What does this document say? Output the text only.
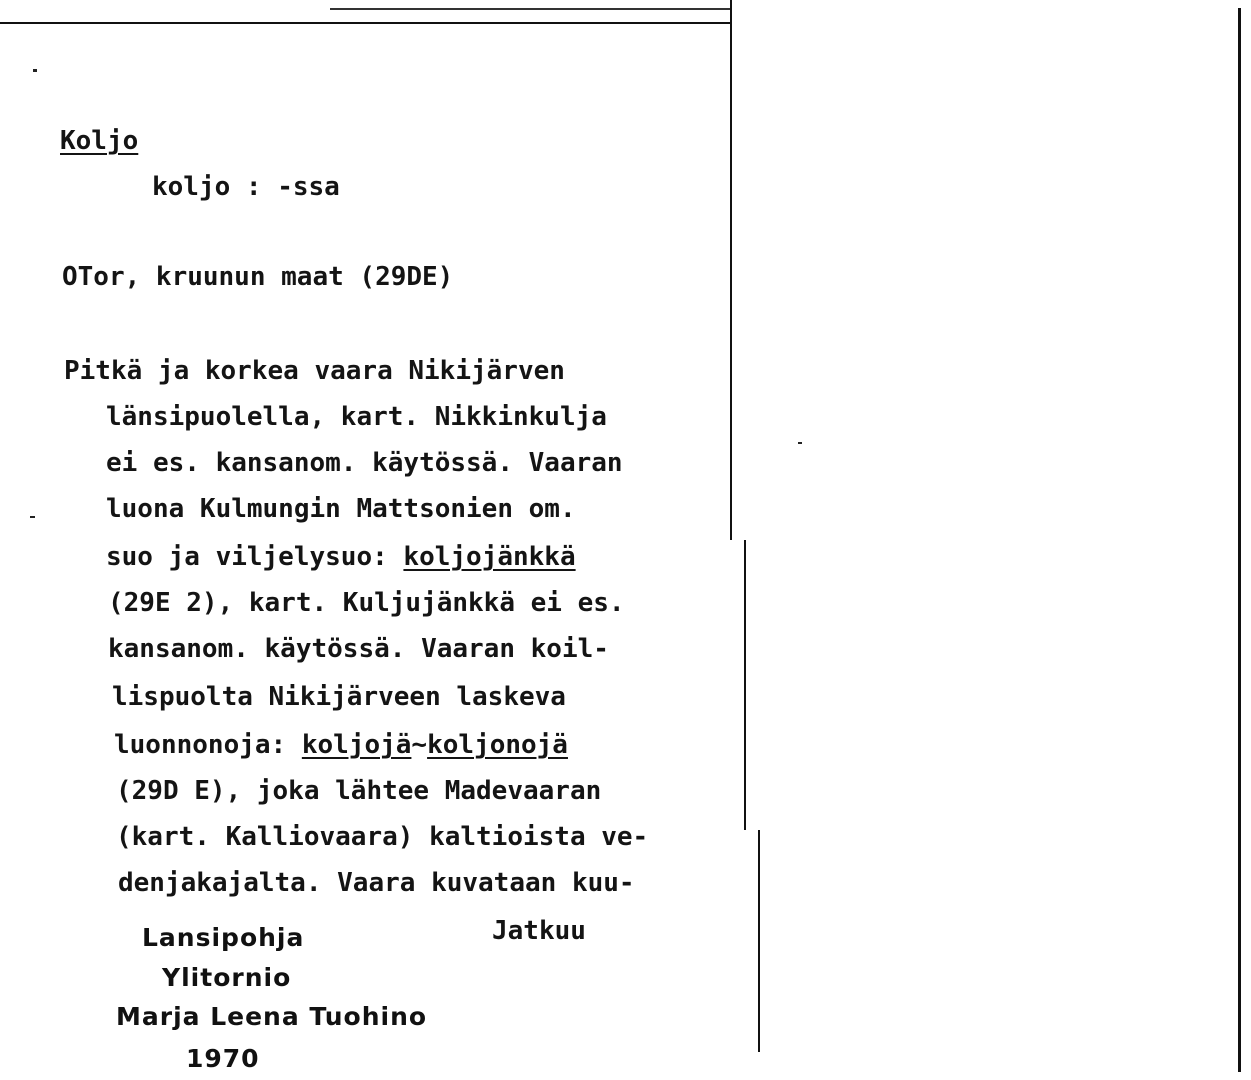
Koljo
koljo : -ssa
OTor, kruunun maat (29DE)
Pitkä ja korkea vaara Nikijärven
länsipuolella, kart. Nikkinkulja
ei es. kansanom. käytössä. Vaaran
luona Kulmungin Mattsonien om.
suo ja viljelysuo: koljojänkkä
(29E 2), kart. Kuljujänkkä ei es.
kansanom. käytössä. Vaaran koil-
lispuolta Nikijärveen laskeva
luonnonoja: koljojä~koljonojä
(29D E), joka lähtee Madevaaran
(kart. Kalliovaara) kaltioista ve-
denjakajalta. Vaara kuvataan kuu-
Jatkuu
Lansipohja
Ylitornio
Marja Leena Tuohino
1970
